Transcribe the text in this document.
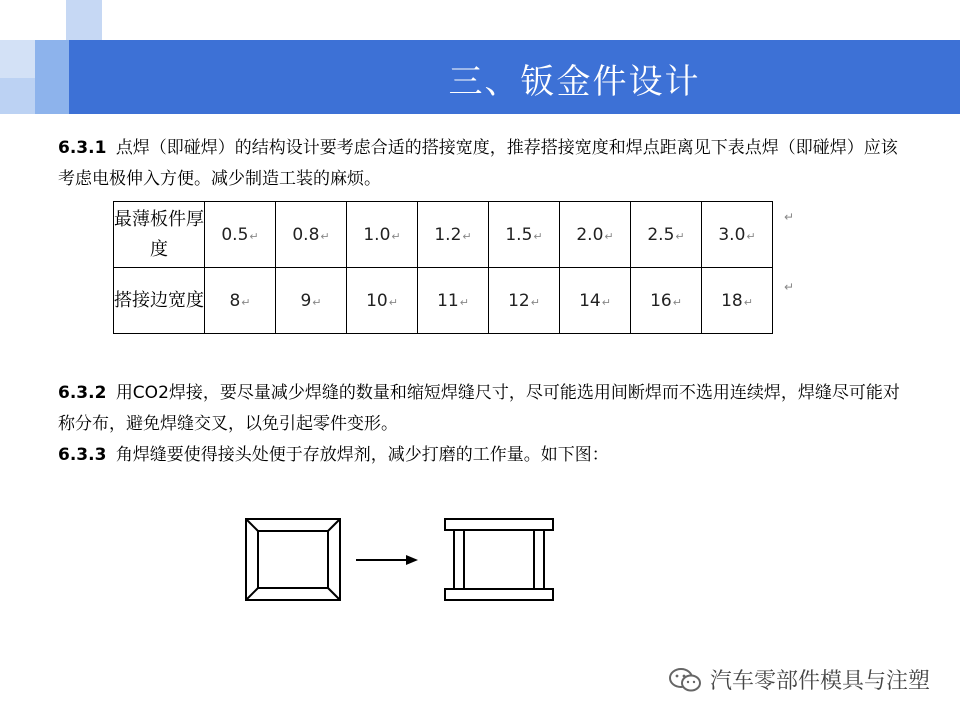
三、钣金件设计
6.3.1 点焊（即碰焊）的结构设计要考虑合适的搭接宽度，推荐搭接宽度和焊点距离见下表点焊（即碰焊）应该考虑电极伸入方便。减少制造工装的麻烦。
最薄板件厚度	0.5 ↵	0.8 ↵	1.0 ↵	1.2 ↵	1.5 ↵	2.0 ↵	2.5 ↵	3.0 ↵
搭接边宽度	8 ↵	9 ↵	10 ↵	11 ↵	12 ↵	14 ↵	16 ↵	18 ↵
↵
↵
6.3.2 用CO2焊接，要尽量减少焊缝的数量和缩短焊缝尺寸，尽可能选用间断焊而不选用连续焊，焊缝尽可能对称分布，避免焊缝交叉，以免引起零件变形。
6.3.3 角焊缝要使得接头处便于存放焊剂，减少打磨的工作量。如下图：
汽车零部件模具与注塑
